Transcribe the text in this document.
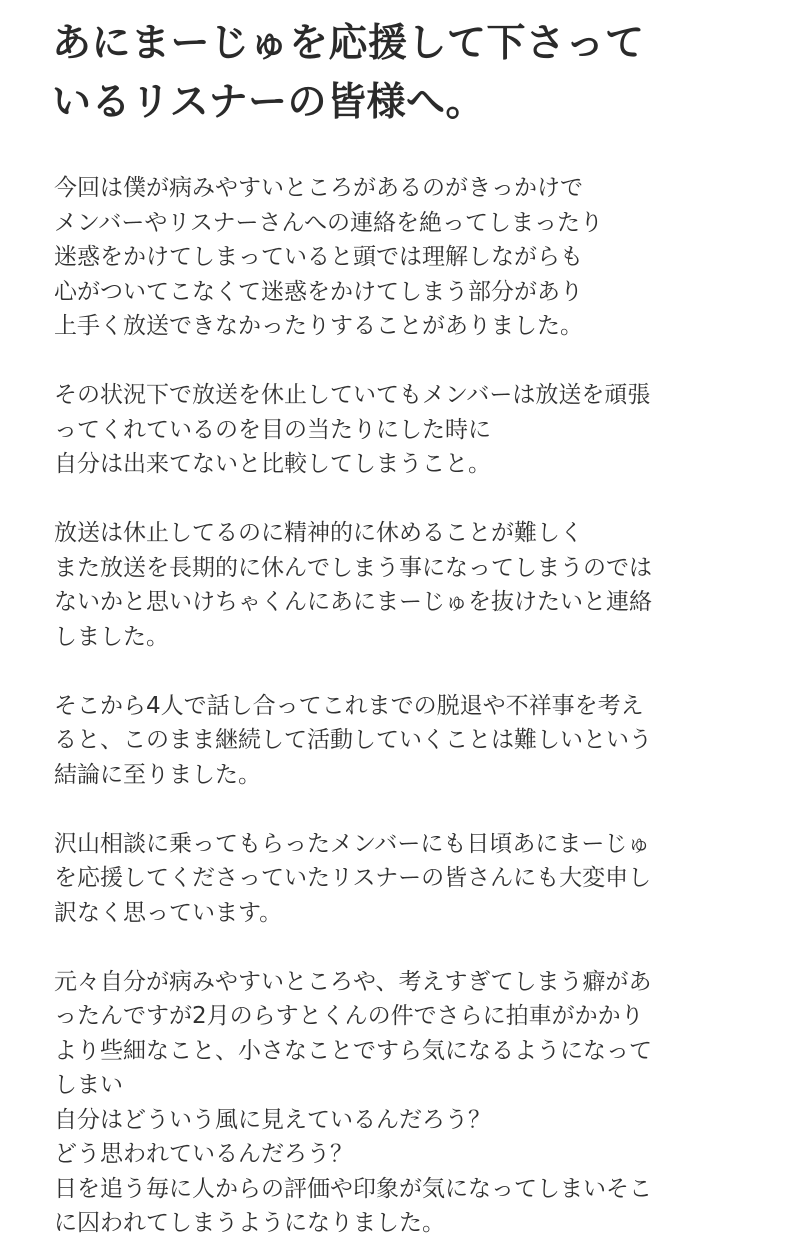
あにまーじゅを応援して下さって
いるリスナーの皆様へ。

今回は僕が病みやすいところがあるのがきっかけで
メンバーやリスナーさんへの連絡を絶ってしまったり
迷惑をかけてしまっていると頭では理解しながらも
心がついてこなくて迷惑をかけてしまう部分があり
上手く放送できなかったりすることがありました。

その状況下で放送を休止していてもメンバーは放送を頑張
ってくれているのを目の当たりにした時に
自分は出来てないと比較してしまうこと。

放送は休止してるのに精神的に休めることが難しく
また放送を長期的に休んでしまう事になってしまうのでは
ないかと思いけちゃくんにあにまーじゅを抜けたいと連絡
しました。

そこから4人で話し合ってこれまでの脱退や不祥事を考え
ると、このまま継続して活動していくことは難しいという
結論に至りました。

沢山相談に乗ってもらったメンバーにも日頃あにまーじゅ
を応援してくださっていたリスナーの皆さんにも大変申し
訳なく思っています。

元々自分が病みやすいところや、考えすぎてしまう癖があ
ったんですが2月のらすとくんの件でさらに拍車がかかり
より些細なこと、小さなことですら気になるようになって
しまい
自分はどういう風に見えているんだろう？
どう思われているんだろう？
日を追う毎に人からの評価や印象が気になってしまいそこ
に囚われてしまうようになりました。
